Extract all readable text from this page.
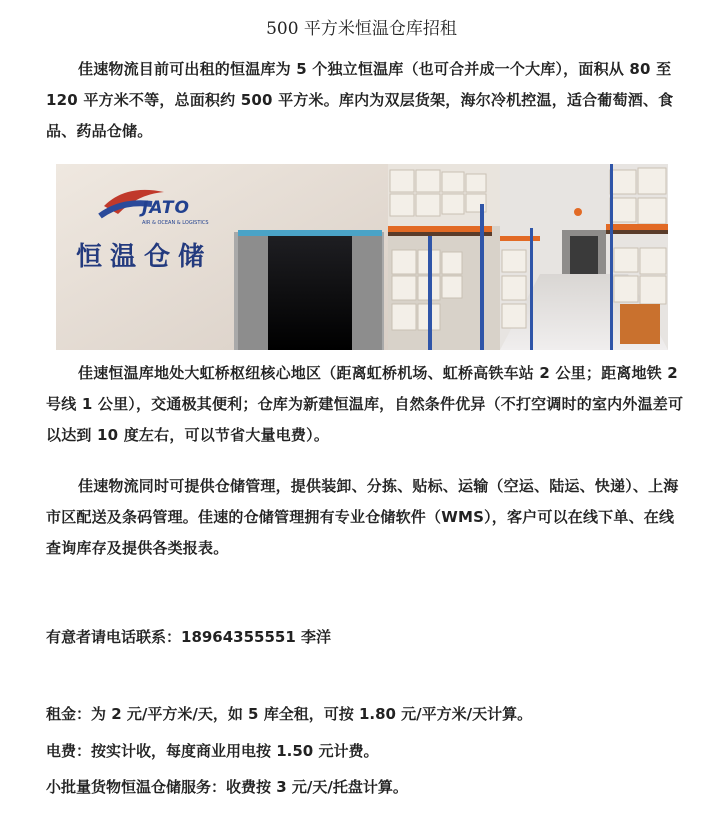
500 平方米恒温仓库招租

佳速物流目前可出租的恒温库为 5 个独立恒温库（也可合并成一个大库），面积从 80 至 120 平方米不等，总面积约 500 平方米。库内为双层货架，海尔冷机控温，适合葡萄酒、食品、药品仓储。

JATO
AIR & OCEAN & LOGISTICS
恒温仓储

佳速恒温库地处大虹桥枢纽核心地区（距离虹桥机场、虹桥高铁车站 2 公里；距离地铁 2 号线 1 公里），交通极其便利；仓库为新建恒温库，自然条件优异（不打空调时的室内外温差可以达到 10 度左右，可以节省大量电费）。

佳速物流同时可提供仓储管理，提供装卸、分拣、贴标、运输（空运、陆运、快递）、上海市区配送及条码管理。佳速的仓储管理拥有专业仓储软件（WMS），客户可以在线下单、在线查询库存及提供各类报表。

有意者请电话联系：18964355551 李洋
租金：为 2 元/平方米/天，如 5 库全租，可按 1.80 元/平方米/天计算。
电费：按实计收，每度商业用电按 1.50 元计费。
小批量货物恒温仓储服务：收费按 3 元/天/托盘计算。
